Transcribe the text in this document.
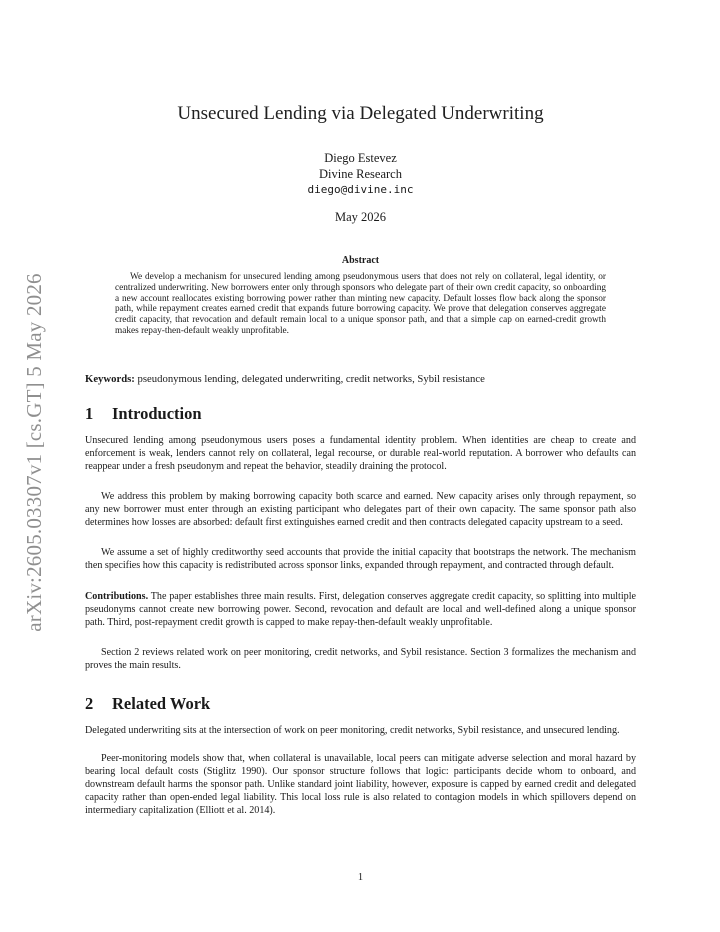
arXiv:2605.03307v1 [cs.GT] 5 May 2026
Unsecured Lending via Delegated Underwriting
Diego Estevez
Divine Research
diego@divine.inc
May 2026
Abstract

We develop a mechanism for unsecured lending among pseudonymous users that does not rely on collateral, legal identity, or centralized underwriting. New borrowers enter only through sponsors who delegate part of their own credit capacity, so onboarding a new account reallocates existing borrowing power rather than minting new capacity. Default losses flow back along the sponsor path, while repayment creates earned credit that expands future borrowing capacity. We prove that delegation conserves aggregate credit capacity, that revocation and default remain local to a unique sponsor path, and that a simple cap on earned-credit growth makes repay-then-default weakly unprofitable.

Keywords: pseudonymous lending, delegated underwriting, credit networks, Sybil resistance

1 Introduction

Unsecured lending among pseudonymous users poses a fundamental identity problem. When identities are cheap to create and enforcement is weak, lenders cannot rely on collateral, legal recourse, or durable real-world reputation. A borrower who defaults can reappear under a fresh pseudonym and repeat the behavior, steadily draining the protocol.

We address this problem by making borrowing capacity both scarce and earned. New capacity arises only through repayment, so any new borrower must enter through an existing participant who delegates part of their own capacity. The same sponsor path also determines how losses are absorbed: default first extinguishes earned credit and then contracts delegated capacity upstream to a seed.

We assume a set of highly creditworthy seed accounts that provide the initial capacity that bootstraps the network. The mechanism then specifies how this capacity is redistributed across sponsor links, expanded through repayment, and contracted through default.

Contributions. The paper establishes three main results. First, delegation conserves aggregate credit capacity, so splitting into multiple pseudonyms cannot create new borrowing power. Second, revocation and default are local and well-defined along a unique sponsor path. Third, post-repayment credit growth is capped to make repay-then-default weakly unprofitable.

Section 2 reviews related work on peer monitoring, credit networks, and Sybil resistance. Section 3 formalizes the mechanism and proves the main results.

2 Related Work

Delegated underwriting sits at the intersection of work on peer monitoring, credit networks, Sybil resistance, and unsecured lending.

Peer-monitoring models show that, when collateral is unavailable, local peers can mitigate adverse selection and moral hazard by bearing local default costs (Stiglitz 1990). Our sponsor structure follows that logic: participants decide whom to onboard, and downstream default harms the sponsor path. Unlike standard joint liability, however, exposure is capped by earned credit and delegated capacity rather than open-ended legal liability. This local loss rule is also related to contagion models in which spillovers depend on intermediary capitalization (Elliott et al. 2014).

1
